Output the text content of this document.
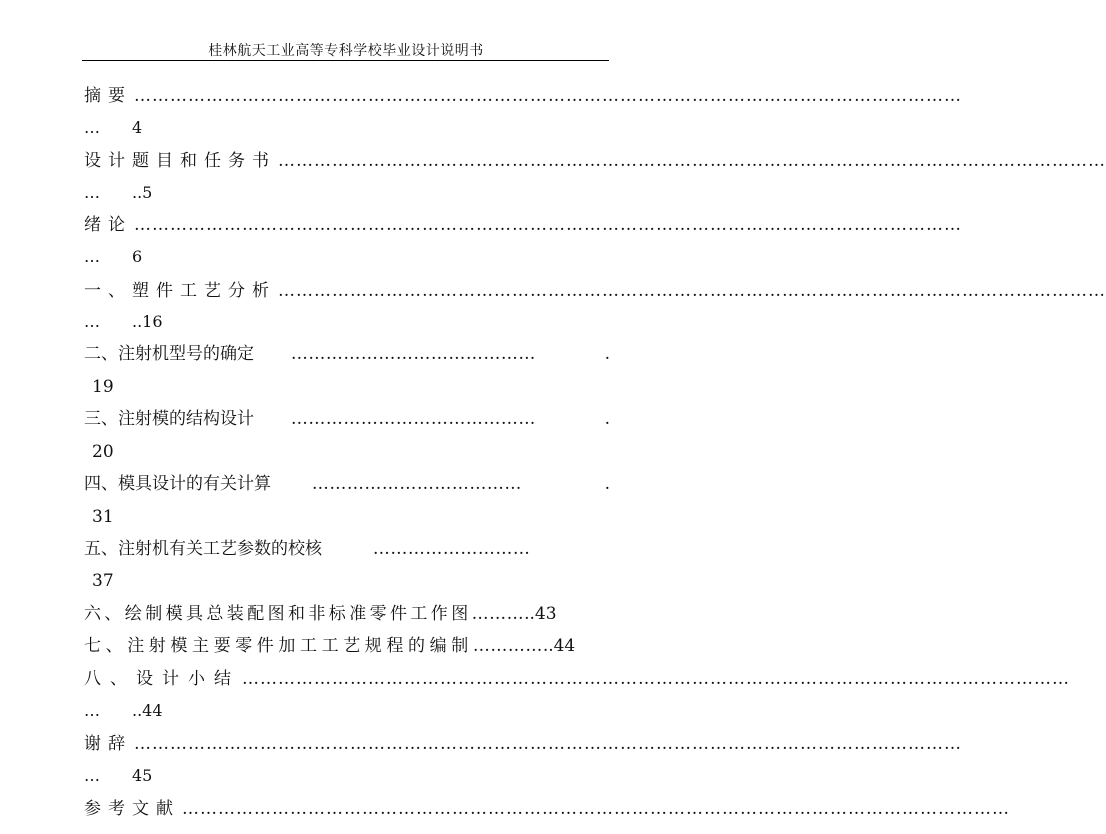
桂林航天工业高等专科学校毕业设计说明书
摘要 …………………………………………………………………………………………………………………………
… 4
设计题目和任务书 …………………………………………………………………………………………………………………………
… ..5
绪论 …………………………………………………………………………………………………………………………
… 6
一、塑件工艺分析 …………………………………………………………………………………………………………………………
… ..16
二、注射机型号的确定 ……………………………………	.
19
三、注射模的结构设计 ……………………………………	.
20
四、模具设计的有关计算 ………………………………	.
31
五、注射机有关工艺参数的校核	………………………
37
六、绘制模具总装配图和非标准零件工作图………..43
七、注射模主要零件加工工艺规程的编制…………..44
八、设计小结 …………………………………………………………………………………………………………………………
… ..44
谢辞 …………………………………………………………………………………………………………………………
… 45
参考文献 …………………………………………………………………………………………………………………………
